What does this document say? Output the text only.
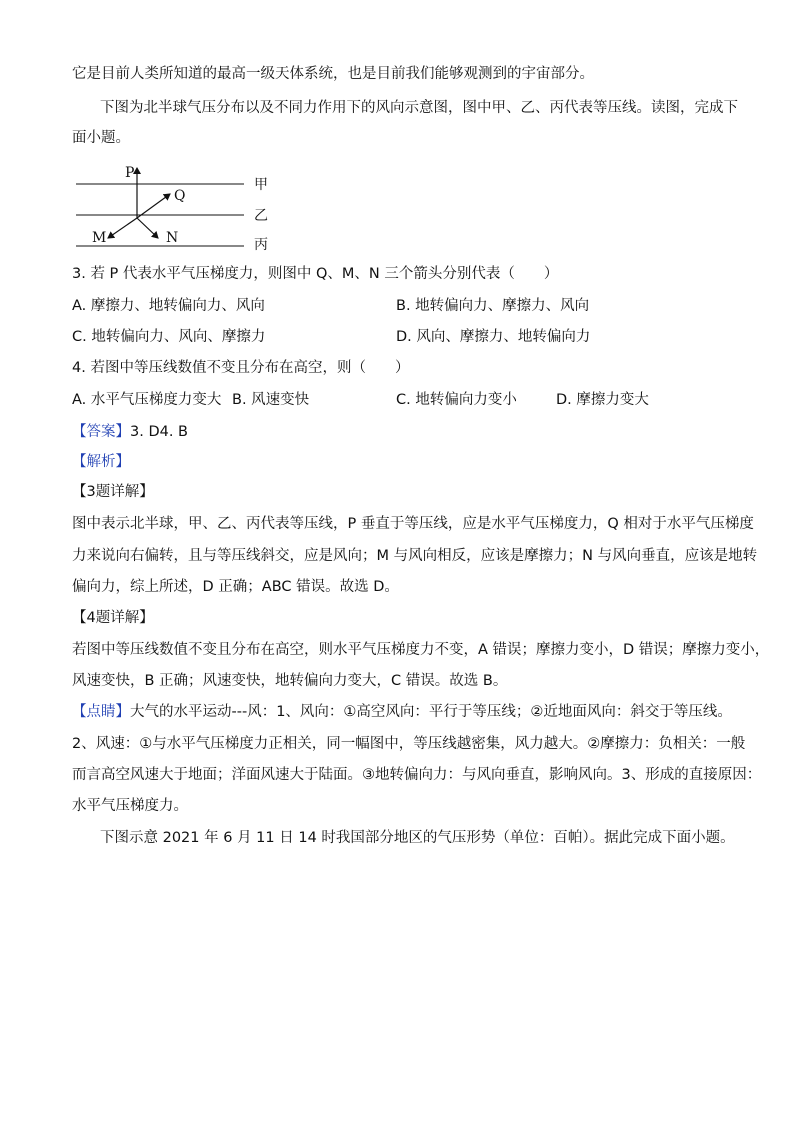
它是目前人类所知道的最高一级天体系统，也是目前我们能够观测到的宇宙部分。
下图为北半球气压分布以及不同力作用下的风向示意图，图中甲、乙、丙代表等压线。读图，完成下
面小题。
P
Q
M	N
甲
乙
丙
3. 若 P 代表水平气压梯度力，则图中 Q、M、N 三个箭头分别代表（　　）
A. 摩擦力、地转偏向力、风向	B. 地转偏向力、摩擦力、风向
C. 地转偏向力、风向、摩擦力	D. 风向、摩擦力、地转偏向力
4. 若图中等压线数值不变且分布在高空，则（　　）
A. 水平气压梯度力变大 B. 风速变快	C. 地转偏向力变小	D. 摩擦力变大
【答案】3. D4. B
【解析】
【3题详解】
图中表示北半球，甲、乙、丙代表等压线，P 垂直于等压线，应是水平气压梯度力，Q 相对于水平气压梯度
力来说向右偏转，且与等压线斜交，应是风向；M 与风向相反，应该是摩擦力；N 与风向垂直，应该是地转
偏向力，综上所述，D 正确；ABC 错误。故选 D。
【4题详解】
若图中等压线数值不变且分布在高空，则水平气压梯度力不变，A 错误；摩擦力变小，D 错误；摩擦力变小，
风速变快，B 正确；风速变快，地转偏向力变大，C 错误。故选 B。
【点睛】大气的水平运动---风：1、风向：①高空风向：平行于等压线；②近地面风向：斜交于等压线。
2、风速：①与水平气压梯度力正相关，同一幅图中，等压线越密集，风力越大。②摩擦力：负相关：一般
而言高空风速大于地面；洋面风速大于陆面。③地转偏向力：与风向垂直，影响风向。3、形成的直接原因：
水平气压梯度力。
下图示意 2021 年 6 月 11 日 14 时我国部分地区的气压形势（单位：百帕）。据此完成下面小题。
